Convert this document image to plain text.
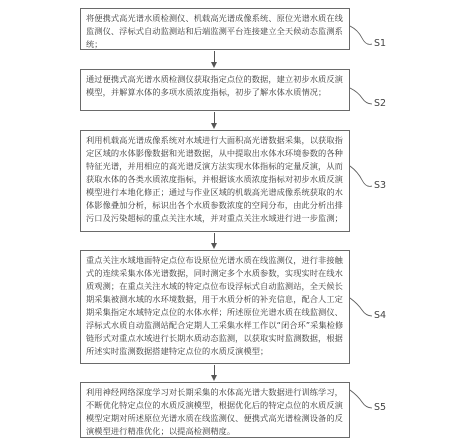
将便携式高光谱水质检测仪、机载高光谱成像系统、原位光谱水质在线监测仪、浮标式自动监测站和后端监测平台连接建立全天候动态监测系统；	S1
通过便携式高光谱水质检测仪获取指定点位的数据，建立初步水质反演模型，并解算水体的多项水质浓度指标，初步了解水体水质情况；
S2
利用机载高光谱成像系统对水域进行大面积高光谱数据采集，以获取指定区域的水体影像数据和光谱数据，从中提取出水体水环境参数的各种特征光谱，并用相应的高光谱反演方法实现水体指标的定量反演，从而获取水体的各类水质浓度指标，并根据该水质浓度指标对初步水质反演模型进行本地化修正；通过与作业区域的机载高光谱成像系统获取的水体影像叠加分析，标识出各个水质参数浓度的空间分布，由此分析出排污口及污染超标的重点关注水域，并对重点关注水域进行进一步监测；
S3
重点关注水域地面特定点位布设原位光谱水质在线监测仪，进行非接触式的连续采集水体光谱数据，同时测定多个水质参数，实现实时在线水质观测；在重点关注水域的特定点位布设浮标式自动监测站，全天候长期采集被测水域的水环境数据，用于水质分析的补充信息，配合人工定期采集指定水域特定点位的水体水样；所述原位光谱水质在线监测仪、浮标式水质自动监测站配合定期人工采集水样工作以“闭合环”采集检修链形式对重点水域进行长期水质动态监测，以获取实时监测数据，根据所述实时监测数据搭建特定点位的水质反演模型；
S4
利用神经网络深度学习对长期采集的水体高光谱大数据进行训练学习，不断优化特定点位的水质反演模型，根据优化后的特定点位的水质反演模型定期对所述原位光谱水质在线监测仪、便携式高光谱检测设备的反演模型进行精准优化；以提高检测精度。
S5
